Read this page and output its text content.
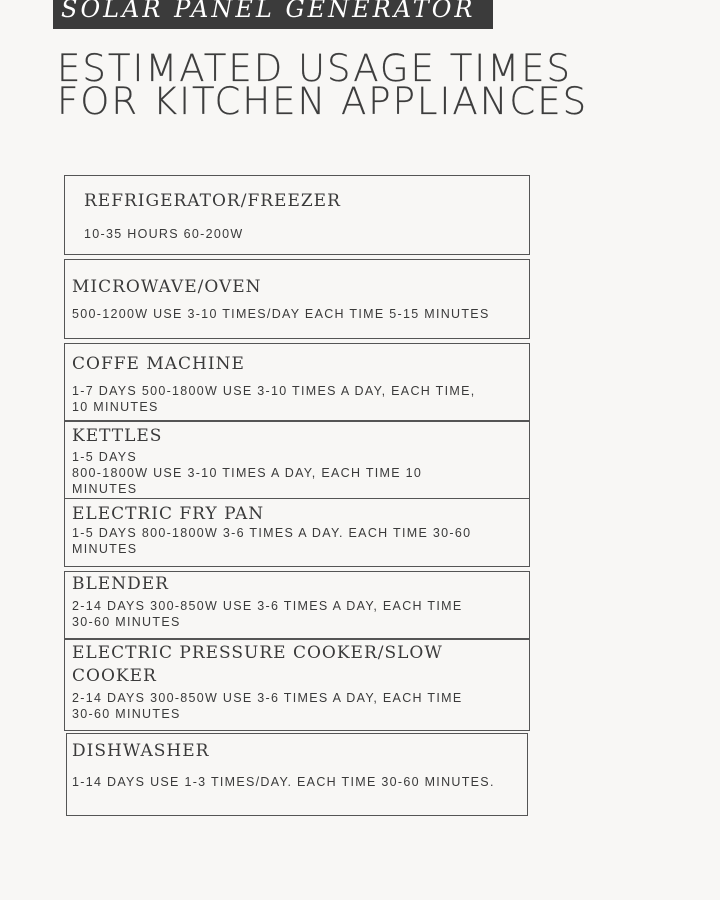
SOLAR PANEL GENERATOR
ESTIMATED USAGE TIMES
FOR KITCHEN APPLIANCES
REFRIGERATOR/FREEZER
10-35 HOURS 60-200W
MICROWAVE/OVEN
500-1200W USE 3-10 TIMES/DAY EACH TIME 5-15 MINUTES
COFFE MACHINE
1-7 DAYS 500-1800W USE 3-10 TIMES A DAY, EACH TIME,
10 MINUTES
KETTLES
1-5 DAYS
800-1800W USE 3-10 TIMES A DAY, EACH TIME 10
MINUTES
ELECTRIC FRY PAN
1-5 DAYS 800-1800W 3-6 TIMES A DAY. EACH TIME 30-60
MINUTES
BLENDER
2-14 DAYS 300-850W USE 3-6 TIMES A DAY, EACH TIME
30-60 MINUTES
ELECTRIC PRESSURE COOKER/SLOW COOKER
2-14 DAYS 300-850W USE 3-6 TIMES A DAY, EACH TIME
30-60 MINUTES
DISHWASHER
1-14 DAYS USE 1-3 TIMES/DAY. EACH TIME 30-60 MINUTES.
